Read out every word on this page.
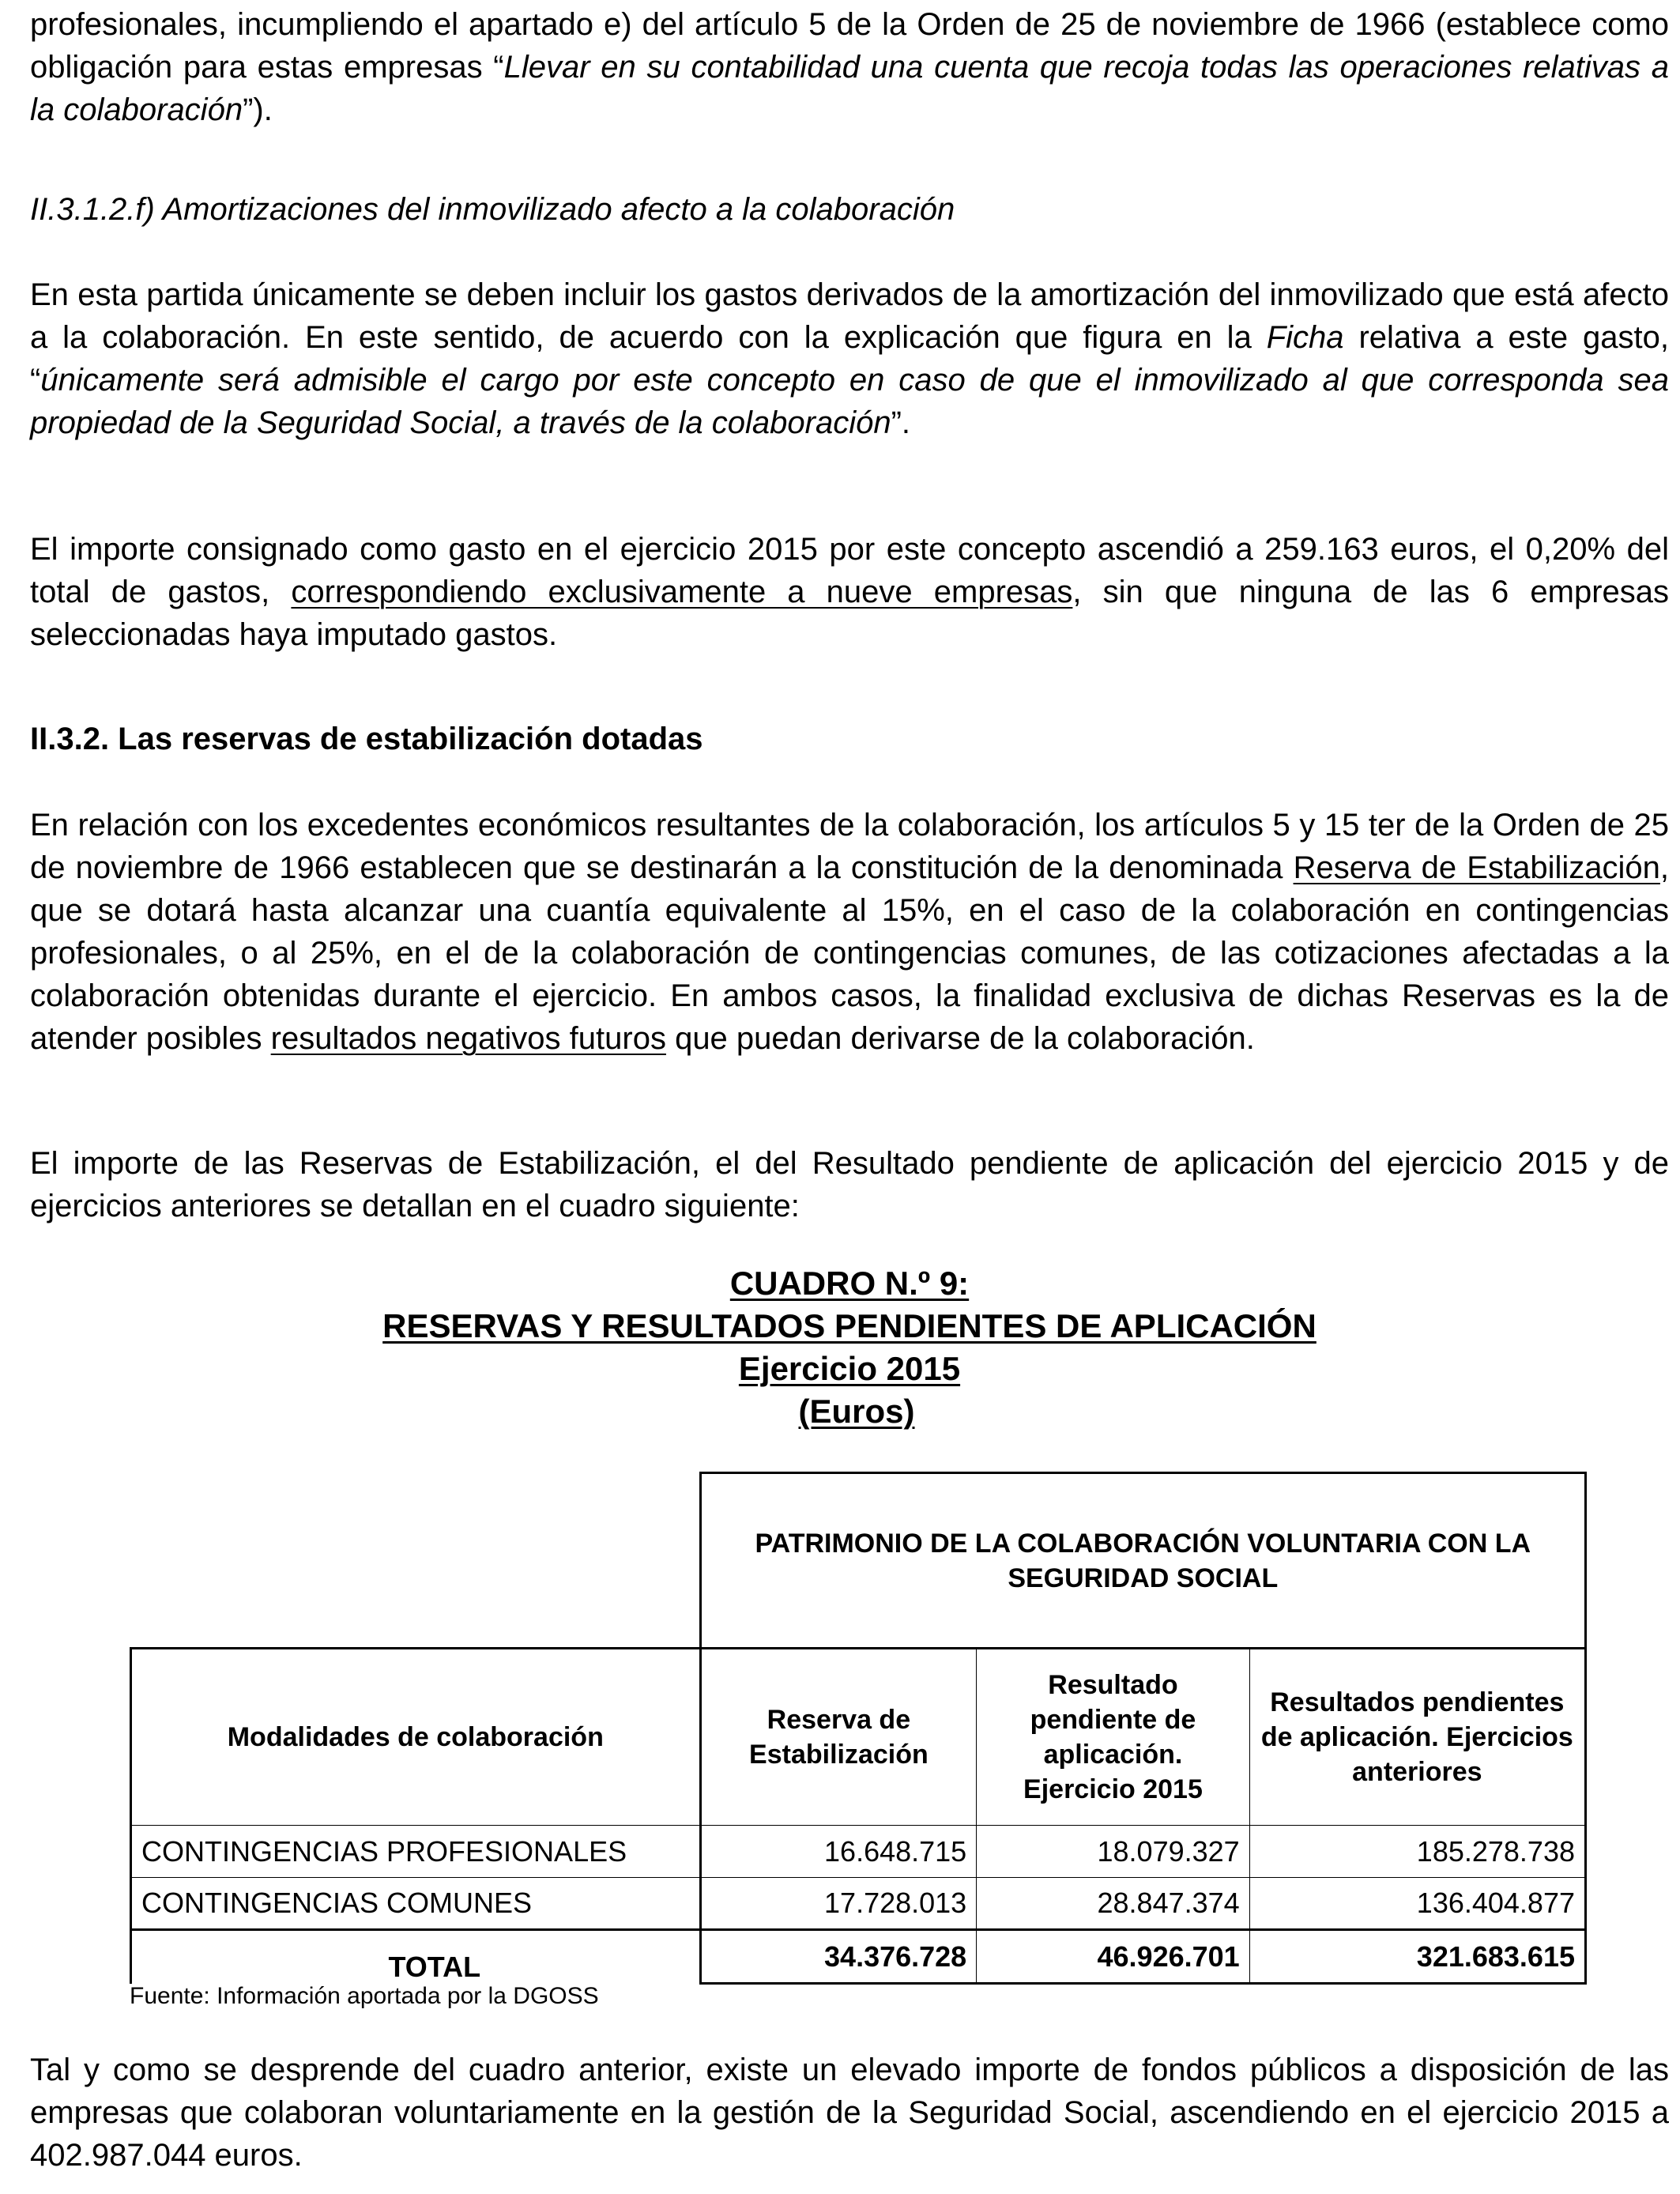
profesionales, incumpliendo el apartado e) del artículo 5 de la Orden de 25 de noviembre de 1966 (establece como obligación para estas empresas “Llevar en su contabilidad una cuenta que recoja todas las operaciones relativas a la colaboración”).

II.3.1.2.f) Amortizaciones del inmovilizado afecto a la colaboración

En esta partida únicamente se deben incluir los gastos derivados de la amortización del inmovilizado que está afecto a la colaboración. En este sentido, de acuerdo con la explicación que figura en la Ficha relativa a este gasto, “únicamente será admisible el cargo por este concepto en caso de que el inmovilizado al que corresponda sea propiedad de la Seguridad Social, a través de la colaboración”.

El importe consignado como gasto en el ejercicio 2015 por este concepto ascendió a 259.163 euros, el 0,20% del total de gastos, correspondiendo exclusivamente a nueve empresas, sin que ninguna de las 6 empresas seleccionadas haya imputado gastos.

II.3.2. Las reservas de estabilización dotadas

En relación con los excedentes económicos resultantes de la colaboración, los artículos 5 y 15 ter de la Orden de 25 de noviembre de 1966 establecen que se destinarán a la constitución de la denominada Reserva de Estabilización, que se dotará hasta alcanzar una cuantía equivalente al 15%, en el caso de la colaboración en contingencias profesionales, o al 25%, en el de la colaboración de contingencias comunes, de las cotizaciones afectadas a la colaboración obtenidas durante el ejercicio. En ambos casos, la finalidad exclusiva de dichas Reservas es la de atender posibles resultados negativos futuros que puedan derivarse de la colaboración.

El importe de las Reservas de Estabilización, el del Resultado pendiente de aplicación del ejercicio 2015 y de ejercicios anteriores se detallan en el cuadro siguiente:

CUADRO N.º 9:
RESERVAS Y RESULTADOS PENDIENTES DE APLICACIÓN
Ejercicio 2015
(Euros)
	PATRIMONIO DE LA COLABORACIÓN VOLUNTARIA CON LA SEGURIDAD SOCIAL		
Modalidades de colaboración	Reserva de Estabilización	Resultado pendiente de aplicación. Ejercicio 2015	Resultados pendientes de aplicación. Ejercicios anteriores
CONTINGENCIAS PROFESIONALES	16.648.715	18.079.327	185.278.738
CONTINGENCIAS COMUNES	17.728.013	28.847.374	136.404.877
TOTAL	34.376.728	46.926.701	321.683.615
Fuente: Información aportada por la DGOSS

Tal y como se desprende del cuadro anterior, existe un elevado importe de fondos públicos a disposición de las empresas que colaboran voluntariamente en la gestión de la Seguridad Social, ascendiendo en el ejercicio 2015 a 402.987.044 euros.
